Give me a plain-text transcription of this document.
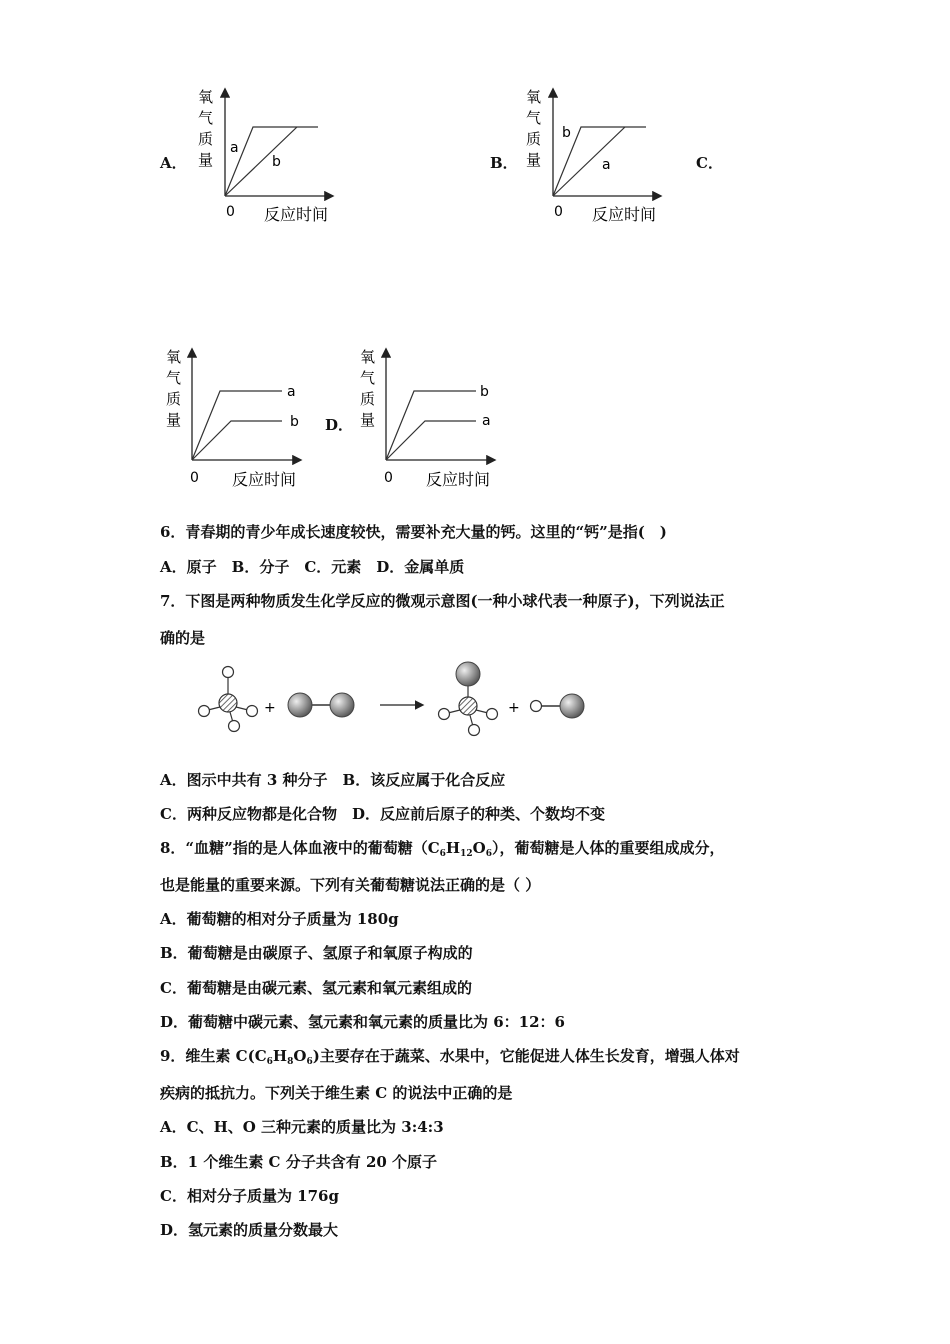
A．
氧
气
质
量
a
b
0 反应时间
B．
氧
气
质
量
b
a
0 反应时间
C．
氧
气
质
量
a
b
0 反应时间
D．
氧
气
质
量
b
a
0 反应时间
6．青春期的青少年成长速度较快，需要补充大量的钙。这里的“钙”是指(　)
A．原子　B．分子　C．元素　D．金属单质
7．下图是两种物质发生化学反应的微观示意图(一种小球代表一种原子)，下列说法正
确的是
+	+
A．图示中共有 3 种分子　B．该反应属于化合反应
C．两种反应物都是化合物　D．反应前后原子的种类、个数均不变
8．“血糖”指的是人体血液中的葡萄糖$(C_6H_{12}O_6)$，葡萄糖是人体的重要组成成分，
也是能量的重要来源。下列有关葡萄糖说法正确的是（ ）
A．葡萄糖的相对分子质量为 180g
B．葡萄糖是由碳原子、氢原子和氧原子构成的
C．葡萄糖是由碳元素、氢元素和氧元素组成的
D．葡萄糖中碳元素、氢元素和氧元素的质量比为 6：12：6
9．维生素 $C(C_6H_8O_6)$主要存在于蔬菜、水果中，它能促进人体生长发育，增强人体对
疾病的抵抗力。下列关于维生素 C 的说法中正确的是
A．C、H、O 三种元素的质量比为 3:4:3
B．1 个维生素 C 分子共含有 20 个原子
C．相对分子质量为 176g
D．氢元素的质量分数最大
